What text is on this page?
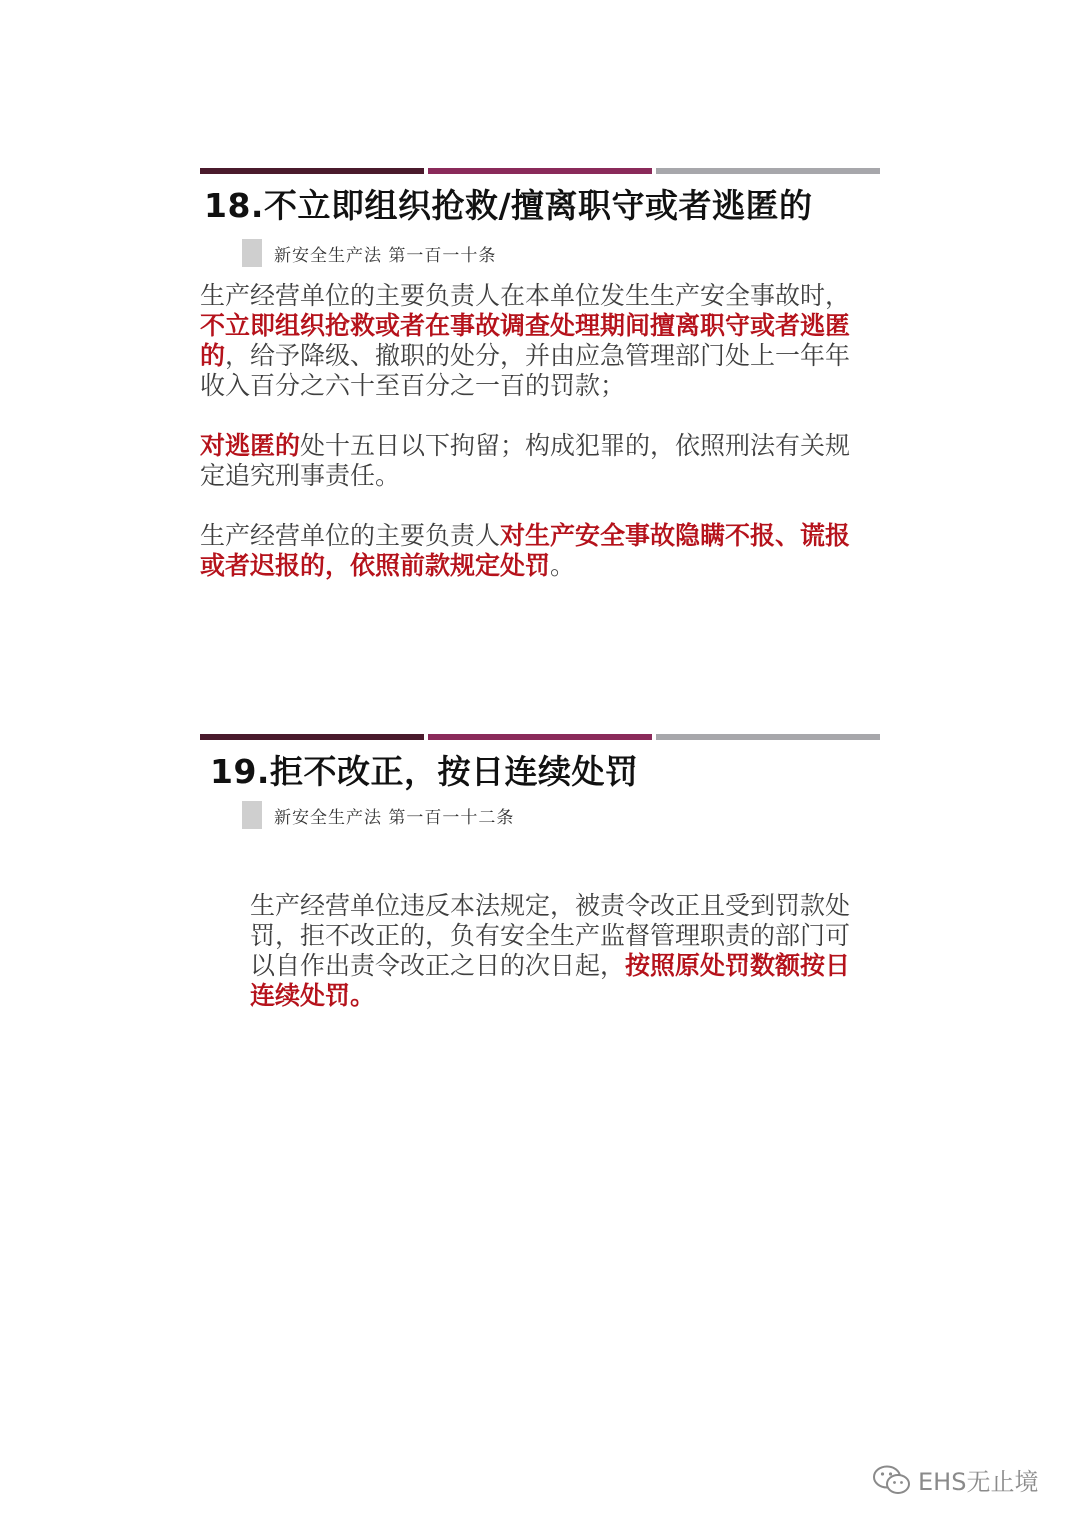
18.不立即组织抢救/擅离职守或者逃匿的
新安全生产法 第一百一十条

生产经营单位的主要负责人在本单位发生生产安全事故时，不立即组织抢救或者在事故调查处理期间擅离职守或者逃匿的，给予降级、撤职的处分，并由应急管理部门处上一年年收入百分之六十至百分之一百的罚款；

对逃匿的处十五日以下拘留；构成犯罪的，依照刑法有关规定追究刑事责任。

生产经营单位的主要负责人对生产安全事故隐瞒不报、谎报或者迟报的，依照前款规定处罚。

19.拒不改正，按日连续处罚
新安全生产法 第一百一十二条

生产经营单位违反本法规定，被责令改正且受到罚款处罚，拒不改正的，负有安全生产监督管理职责的部门可以自作出责令改正之日的次日起，按照原处罚数额按日连续处罚。

EHS无止境
